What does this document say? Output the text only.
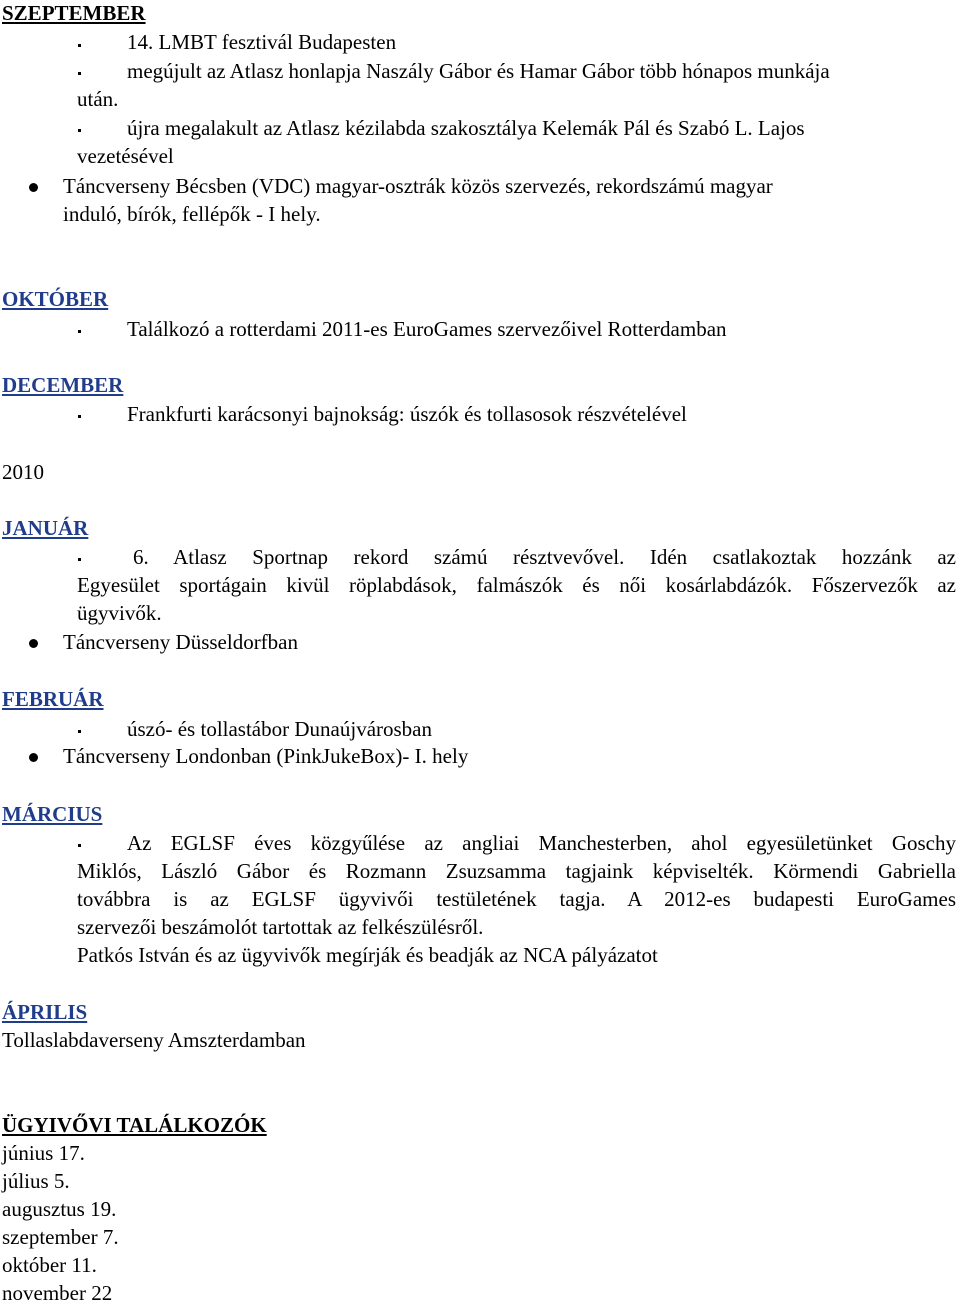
SZEPTEMBER
14. LMBT fesztivál Budapesten
megújult az Atlasz honlapja Naszály Gábor és Hamar Gábor több hónapos munkája
után.
újra megalakult az Atlasz kézilabda szakosztálya Kelemák Pál és Szabó L. Lajos
vezetésével
Táncverseny Bécsben (VDC) magyar-osztrák közös szervezés, rekordszámú magyar
induló, bírók, fellépők - I hely.
OKTÓBER
Találkozó a rotterdami 2011-es EuroGames szervezőivel Rotterdamban
DECEMBER
Frankfurti karácsonyi bajnokság: úszók és tollasosok részvételével
2010
JANUÁR
6. Atlasz Sportnap rekord számú résztvevővel. Idén csatlakoztak hozzánk az
Egyesület sportágain kivül röplabdások, falmászók és női kosárlabdázók. Főszervezők az
ügyvivők.
Táncverseny Düsseldorfban
FEBRUÁR
úszó- és tollastábor Dunaújvárosban
Táncverseny Londonban (PinkJukeBox)- I. hely
MÁRCIUS
Az EGLSF éves közgyűlése az angliai Manchesterben, ahol egyesületünket Goschy
Miklós, László Gábor és Rozmann Zsuzsamma tagjaink képviselték. Körmendi Gabriella
továbbra is az EGLSF ügyvivői testületének tagja. A 2012-es budapesti EuroGames
szervezői beszámolót tartottak az felkészülésről.
Patkós István és az ügyvivők megírják és beadják az NCA pályázatot
ÁPRILIS
Tollaslabdaverseny Amszterdamban
ÜGYIVŐVI TALÁLKOZÓK
június 17.
július 5.
augusztus 19.
szeptember 7.
október 11.
november 22
